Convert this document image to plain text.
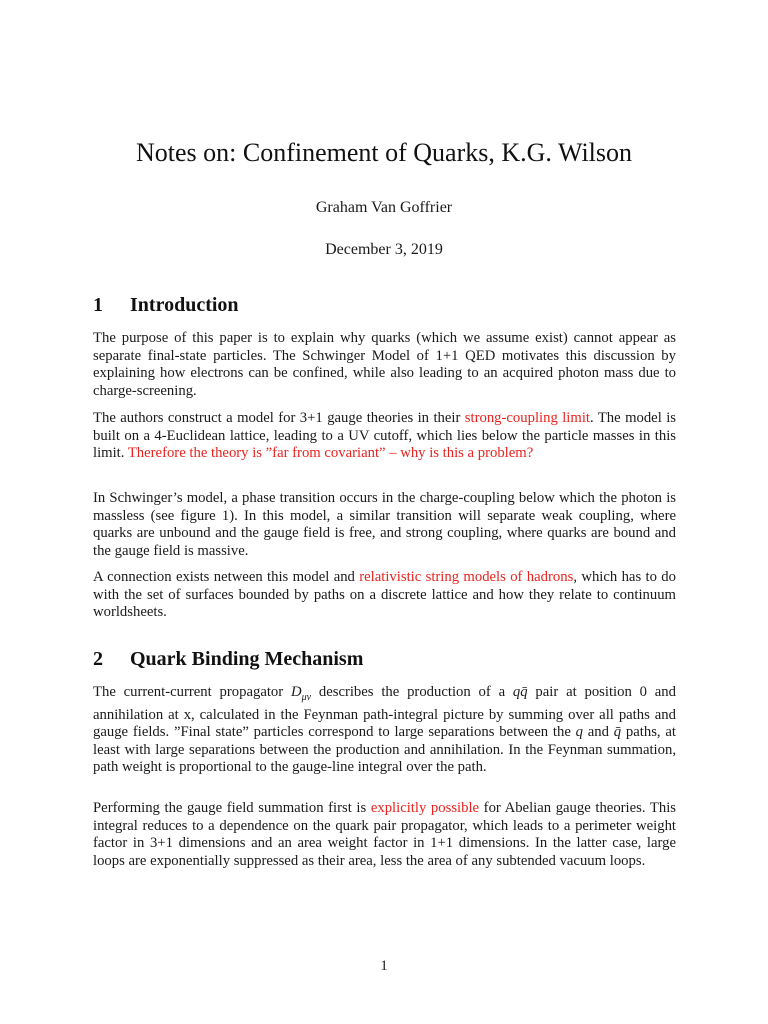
Notes on: Confinement of Quarks, K.G. Wilson
Graham Van Goffrier
December 3, 2019
1 Introduction

The purpose of this paper is to explain why quarks (which we assume exist) cannot appear as separate final-state particles. The Schwinger Model of 1+1 QED motivates this discussion by explaining how electrons can be confined, while also leading to an acquired photon mass due to charge-screening.

The authors construct a model for 3+1 gauge theories in their strong-coupling limit. The model is built on a 4-Euclidean lattice, leading to a UV cutoff, which lies below the particle masses in this limit. Therefore the theory is ”far from covariant” – why is this a problem?

In Schwinger’s model, a phase transition occurs in the charge-coupling below which the photon is massless (see figure 1). In this model, a similar transition will separate weak coupling, where quarks are unbound and the gauge field is free, and strong coupling, where quarks are bound and the gauge field is massive.

A connection exists netween this model and relativistic string models of hadrons, which has to do with the set of surfaces bounded by paths on a discrete lattice and how they relate to continuum worldsheets.

2 Quark Binding Mechanism

The current-current propagator $D_{\mu\nu}$ describes the production of a qq̄ pair at position 0 and annihilation at x, calculated in the Feynman path-integral picture by summing over all paths and gauge fields. ”Final state” particles correspond to large separations between the q and q̄ paths, at least with large separations between the production and annihilation. In the Feynman summation, path weight is proportional to the gauge-line integral over the path.

Performing the gauge field summation first is explicitly possible for Abelian gauge theories. This integral reduces to a dependence on the quark pair propagator, which leads to a perimeter weight factor in 3+1 dimensions and an area weight factor in 1+1 dimensions. In the latter case, large loops are exponentially suppressed as their area, less the area of any subtended vacuum loops.

1
